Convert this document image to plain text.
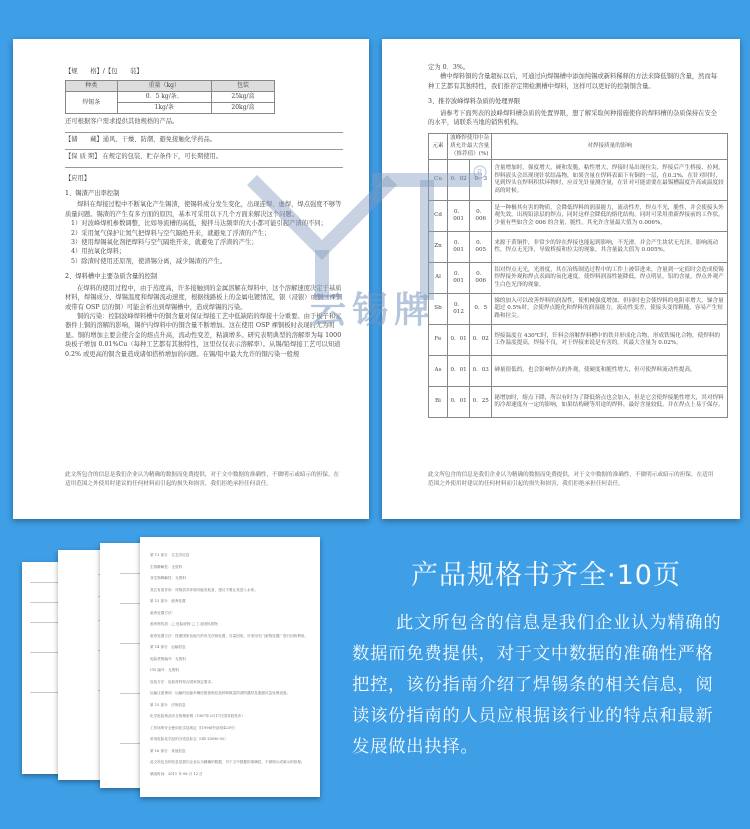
【规　　格】/【包　　装】
种类	重量（kg）	包装
焊锡条	0．5 kg/条、	25kg/盒
	1kg/条	20kg/盒
还可根据客户需求提供其他规格的产品。
【储　　藏】通风、干燥、防潮，避免接触化学药品。
【保 质 期】 在规定的包装、贮存条件下，可长期使用。
【应用】
1、锡渣产出率控制
焊料在焊接过程中不断氧化产生锡渣，使锡料成分发生变化，出现连焊、虚焊，焊点强度不够等质量问题。锡渣的产生有多方面的原因，基本可采用以下几个方面来解决这个问题。
1）对波峰焊机参数调整，比如导流槽的高低，搅拌马达频率的大小都可能引起产渣的不同；
2）采用氮气保护让氮气把焊料与空气隔绝开来，就避免了浮渣的产生；
3）使用焊锡氧化剂把焊料与空气隔绝开来，就避免了浮渣的产生；
4）用抗氧化焊料；
5）除渣时使用还原剂，使渣锡分离，减少锡渣的产生。
2、焊料槽中主要杂质含量的控制
在焊料的使用过程中，由于蒸度高，许多接触到的金属溶解在焊料中，这个溶解速度决定于基质材料，焊锡成分、焊锡温度和焊锡流动速度，根据线路板上的金属电镀情况，银（浸银）或铜（裸铜或带有 OSP 层的铜）可能会析出到焊锡槽中，造成焊锡的污染。
铜的污染：控制波峰焊料槽中的铜含量对保证焊接工艺中低缺陷的焊接十分重要。由于板子和元器件上铜的溶解的影响，锡炉内焊料中的铜含量不断增加。这在使用 OSP 裸铜板时表现的尤为明显。铜的增加主要会使合金的熔点升高，流动性变差，粘滴增多。研究表明典型的溶解率为每 1000 块板子增加 0.01%Cu（每种工艺都有其独特性，这里仅仅表示溶解率）。从锡/铅焊接工艺可以知道 0.2% 或更高的铜含量造成诸如搭桥增加的问题。在锡/铅中最大允许的铜污染一般规
此文所包含的信息是我们企业认为精确的数据而免费提供，对于文中数据的准确性，不做明示或暗示的担保。在适用范围之外使用时建议的任何材料而引起的损失和损害，我们拒绝承担任何责任。
定为 0．3%。
槽中焊料铜的含量超标以后，可通过向焊锡槽中添加纯锡或新料稀释的方法来降低铜的含量，然而每种工艺都有其独特性，我们推荐定期检测槽中焊料，这样可以更好的控制铜含量。
3、推荐波峰焊料杂质的处理界限
请参考下面列表的波峰焊料槽杂质的处置界限，想了解采取何种措施使你的焊料槽的杂质保持在安全的水平，请联系当地的销售机构。
元素	波峰焊使用中杂质允许最大含量（推荐值）(%)		对焊接质量的影响
Cu	0．02	0．3	含量增加时，强度增大，硬和发脆，粘性增大，焊接时易出现拉尖、焊接后产生桥接、拉网，焊料液头会出现现针状结晶物，如果含量在焊料表面下有铜的一层，在0.3%，在针对时时，见到焊头在焊料积状环物时，应首先针量测含量，在针对可能需要在最锡槽温度升高或温度较高的时候。
Cd	0．001	0．006	是一种极其有害的物质，会降低焊料的润湿能力，流动性差，焊点不光，脆性，并会使接头外观失效，出现铅涂层的焊点，同时这样会降低的熔化结构，同时可采用重新焊接前的工作状，少量有些如含会 006 的含量，脆性，其允许含量最大值为 0.006%。
Zn	0．001	0．005	来源于黄铜件，非常少的锌在焊接也能起到影响，不光滑，并会产生块状无光泽，影响流动性，焊点无光泽，导致桥接和拉尖的现象，其含量最大值为 0.005%。
Al	0．001	0．006	铝对焊点无光，光滑度，其在冶炼制造过程中的工件上被带进来，含量到一定值时会造成使锡焊焊接外观和焊点表面的氧化速度，使焊料润湿性能降低，焊点明显，铝的含量，焊点外观产生白色光泽的现象。
Sb	0．012	0．5	锑的加入可以改善焊料的润湿性，使机械强度增加，但同时也会使焊料的电阻率增大，锑含量超过 0.5%时，会使焊点脆化和焊料的润湿能力，流动性变差，使接头变得粗糙，容易产生短路和拉尖。
Fe	0．01	0．02	焊接温度在 430℃时，钎料会溶解焊料槽中的铁并形成化合物，形成铁锡化合物，使焊料的工作温度提高，焊接不良，对于焊接来说是有害的。其最大含量为 0.02%。
As	0．01	0．03	砷量很低的，也会影响焊点的外观，使硬度和脆性增大，但可使焊料流动性提高。
Bi	0．01	0．25	铋增加时，熔点下降，所以有时为了降低熔点也会加入，但是它会使焊接脆性增大，其对焊料的冷却速度有一定的影响，如果结构硬等用途的焊料，最好含量较低，并在焊点上易于保存。
此文所包含的信息是我们企业认为精确的数据而免费提供，对于文中数据的准确性，不做明示或暗示的担保。在适用范围之外使用时建议的任何材料而引起的损失和损害，我们拒绝承担任何责任。
R
云锡牌
第 11 部分　生态学信息
生物降解性：无资料
非生物降解性：无资料
其它有害作用：该物质对环境可能有危害，建议不要让其进入水体。
第 13 部分　废弃处置
废弃处置方法：
废弃物性质：□ 危险废物 □ 工业固体废物
废弃处置方法：按照国家及地方的有关法规处置，尽量回收，可采用专门废物处置厂进行回收利用。
第 14 部分　运输信息
危险货物编号：无资料
UN 编号：无资料
包装方法：包装材料符合国家规定要求。
运输注意事项：运输时运输车辆应配备相应品种和数量的消防器材及泄漏应急处理设备。
第 15 部分　法规信息
化学危险物品安全管理条例（1987年2月17日国务院发布）
工作场所安全使用化学品规定（[1996]劳部发423号）
常用危险化学品的分类及标志（GB 13690-92）
第 16 部分　其他信息
此文所包含的信息是我们企业认为精确的数据，对于文中数据的准确性，不做明示或暗示的担保。
填表时间：2011 年 08 月 12 日
产品规格书齐全·10页
此文所包含的信息是我们企业认为精确的数据而免费提供，对于文中数据的准确性严格把控，该份指南介绍了焊锡条的相关信息，阅读该份指南的人员应根据该行业的特点和最新发展做出抉择。
